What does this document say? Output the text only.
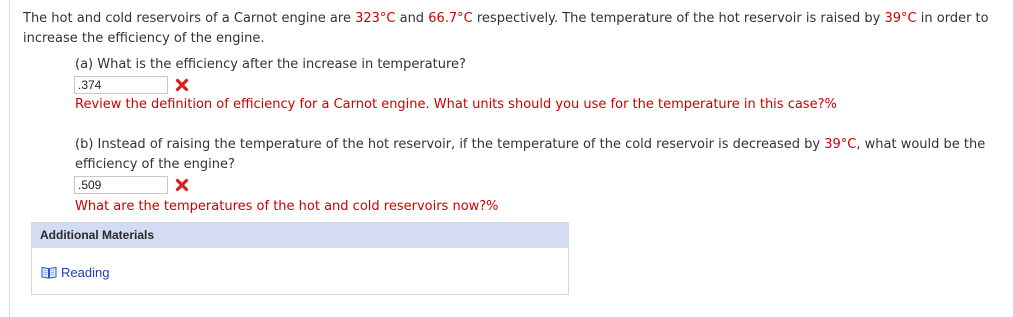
The hot and cold reservoirs of a Carnot engine are 323°C and 66.7°C respectively. The temperature of the hot reservoir is raised by 39°C in order to increase the efficiency of the engine.
(a) What is the efficiency after the increase in temperature?
.374
Review the definition of efficiency for a Carnot engine. What units should you use for the temperature in this case?%
(b) Instead of raising the temperature of the hot reservoir, if the temperature of the cold reservoir is decreased by 39°C, what would be the efficiency of the engine?
.509
What are the temperatures of the hot and cold reservoirs now?%
Additional Materials
Reading
